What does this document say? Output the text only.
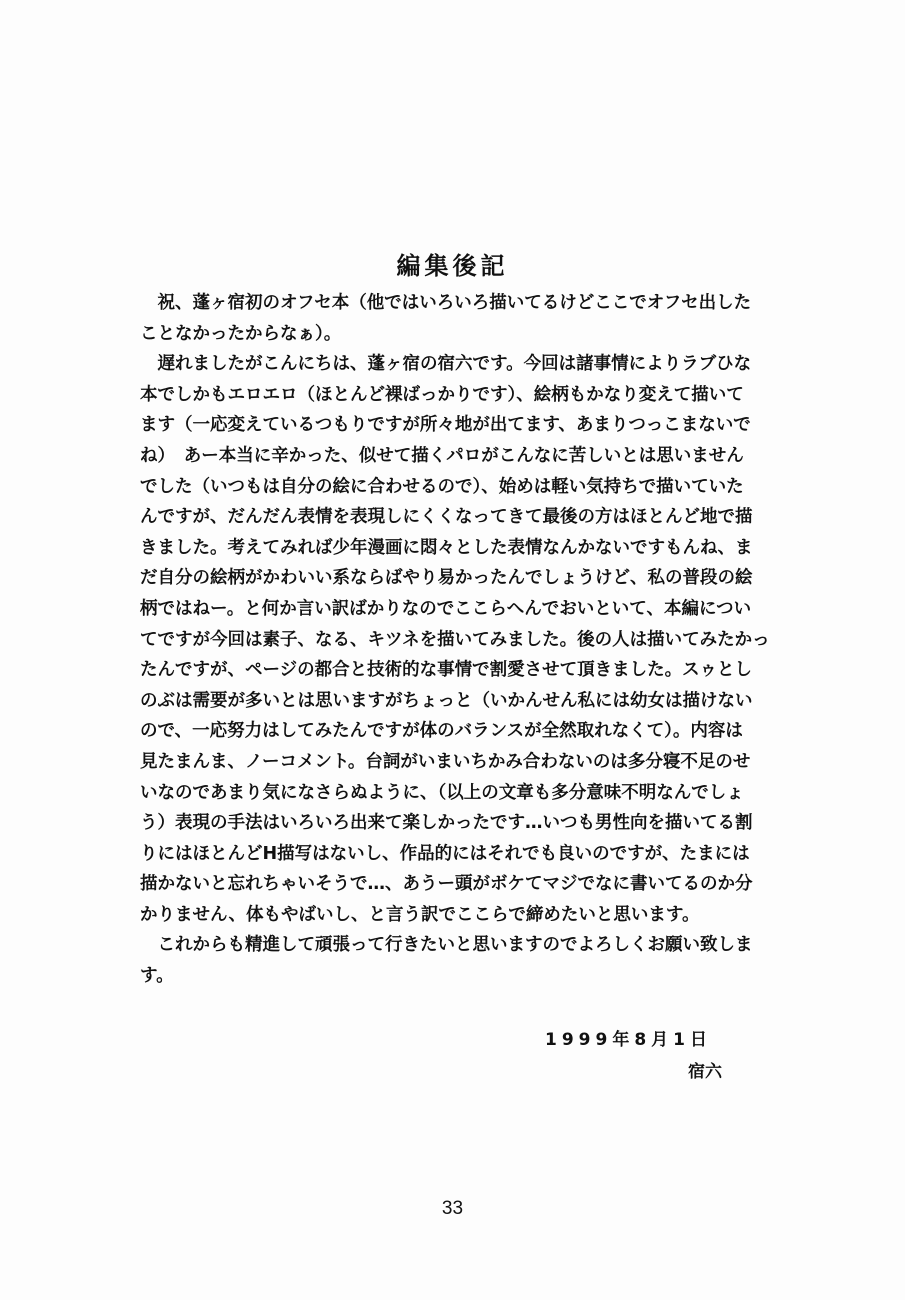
編集後記
　祝、蓬ヶ宿初のオフセ本（他ではいろいろ描いてるけどここでオフセ出した
ことなかったからなぁ）。
　遅れましたがこんにちは、蓬ヶ宿の宿六です。今回は諸事情によりラブひな
本でしかもエロエロ（ほとんど裸ばっかりです）、絵柄もかなり変えて描いて
ます（一応変えているつもりですが所々地が出てます、あまりつっこまないで
ね）　あー本当に辛かった、似せて描くパロがこんなに苦しいとは思いません
でした（いつもは自分の絵に合わせるので）、始めは軽い気持ちで描いていた
んですが、だんだん表情を表現しにくくなってきて最後の方はほとんど地で描
きました。考えてみれば少年漫画に悶々とした表情なんかないですもんね、ま
だ自分の絵柄がかわいい系ならばやり易かったんでしょうけど、私の普段の絵
柄ではねー。と何か言い訳ばかりなのでここらへんでおいといて、本編につい
てですが今回は素子、なる、キツネを描いてみました。後の人は描いてみたかっ
たんですが、ページの都合と技術的な事情で割愛させて頂きました。スゥとし
のぶは需要が多いとは思いますがちょっと（いかんせん私には幼女は描けない
ので、一応努力はしてみたんですが体のバランスが全然取れなくて）。内容は
見たまんま、ノーコメント。台詞がいまいちかみ合わないのは多分寝不足のせ
いなのであまり気になさらぬように、（以上の文章も多分意味不明なんでしょ
う）表現の手法はいろいろ出来て楽しかったです…いつも男性向を描いてる割
りにはほとんどH描写はないし、作品的にはそれでも良いのですが、たまには
描かないと忘れちゃいそうで…、あうー頭がボケてマジでなに書いてるのか分
かりません、体もやばいし、と言う訳でここらで締めたいと思います。
　これからも精進して頑張って行きたいと思いますのでよろしくお願い致しま
す。
1999年8月1日
宿六
33
